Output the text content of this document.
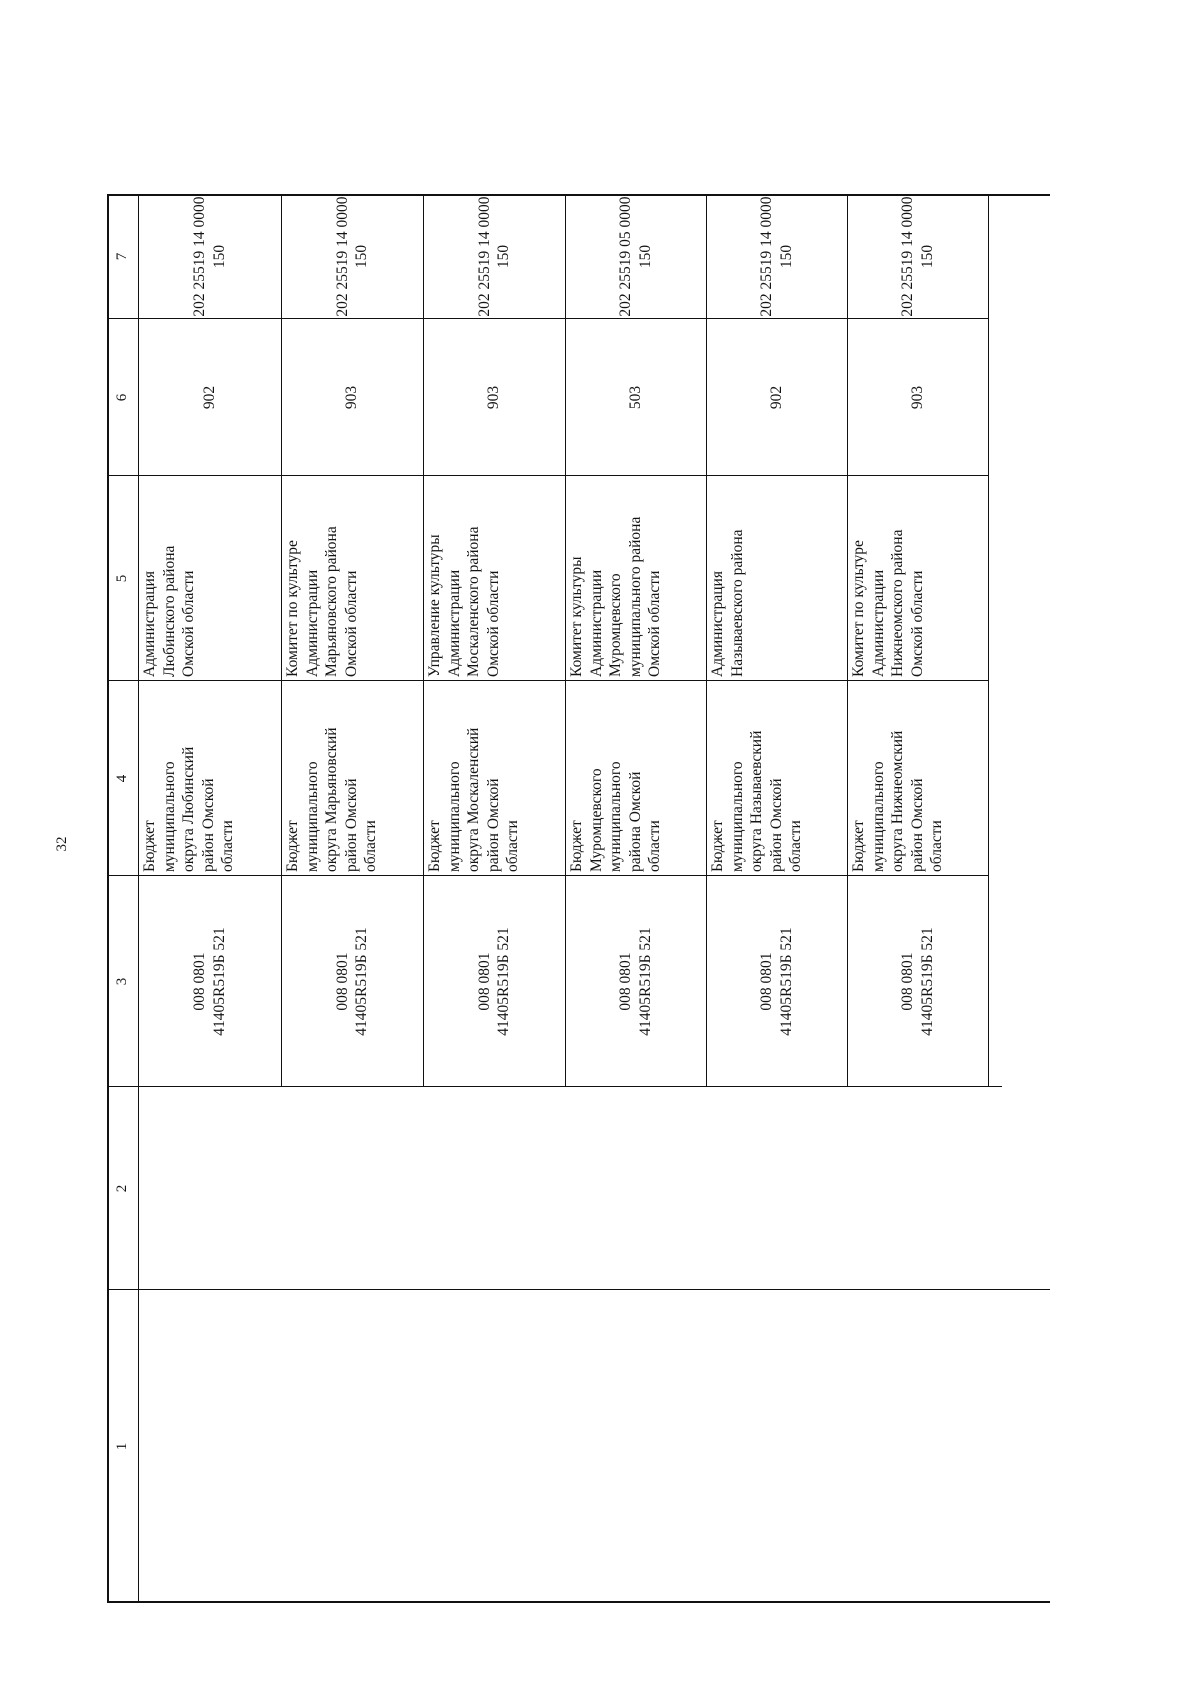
32
1
2
3
4
5
6
7
008 0801 41405R519Б 521
Бюджет муниципального округа Любинский район Омской области
Администрация Любинского района Омской области
902
202 25519 14 0000 150
008 0801 41405R519Б 521
Бюджет муниципального округа Марьяновский район Омской области
Комитет по культуре Администрации Марьяновского района Омской области
903
202 25519 14 0000 150
008 0801 41405R519Б 521
Бюджет муниципального округа Москаленский район Омской области
Управление культуры Администрации Москаленского района Омской области
903
202 25519 14 0000 150
008 0801 41405R519Б 521
Бюджет Муромцевского муниципального района Омской области
Комитет культуры Администрации Муромцевского муниципального района Омской области
503
202 25519 05 0000 150
008 0801 41405R519Б 521
Бюджет муниципального округа Называевский район Омской области
Администрация Называевского района
902
202 25519 14 0000 150
008 0801 41405R519Б 521
Бюджет муниципального округа Нижнеомский район Омской области
Комитет по культуре Администрации Нижнеомского района Омской области
903
202 25519 14 0000 150
